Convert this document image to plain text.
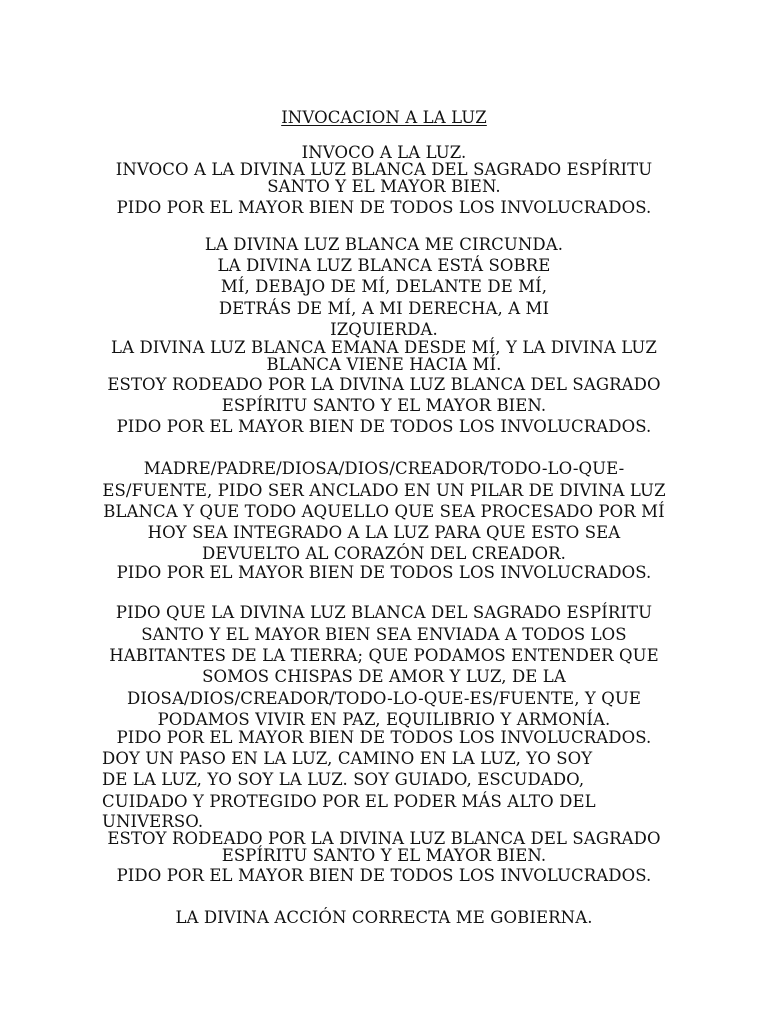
INVOCACION A LA LUZ
INVOCO A LA LUZ.
INVOCO A LA DIVINA LUZ BLANCA DEL SAGRADO ESPÍRITU
SANTO Y EL MAYOR BIEN.
PIDO POR EL MAYOR BIEN DE TODOS LOS INVOLUCRADOS.
LA DIVINA LUZ BLANCA ME CIRCUNDA.
LA DIVINA LUZ BLANCA ESTÁ SOBRE
MÍ, DEBAJO DE MÍ, DELANTE DE MÍ,
DETRÁS DE MÍ, A MI DERECHA, A MI
IZQUIERDA.
LA DIVINA LUZ BLANCA EMANA DESDE MÍ, Y LA DIVINA LUZ
BLANCA VIENE HACIA MÍ.
ESTOY RODEADO POR LA DIVINA LUZ BLANCA DEL SAGRADO
ESPÍRITU SANTO Y EL MAYOR BIEN.
PIDO POR EL MAYOR BIEN DE TODOS LOS INVOLUCRADOS.
MADRE/PADRE/DIOSA/DIOS/CREADOR/TODO-LO-QUE-
ES/FUENTE, PIDO SER ANCLADO EN UN PILAR DE DIVINA LUZ
BLANCA Y QUE TODO AQUELLO QUE SEA PROCESADO POR MÍ
HOY SEA INTEGRADO A LA LUZ PARA QUE ESTO SEA
DEVUELTO AL CORAZÓN DEL CREADOR.
PIDO POR EL MAYOR BIEN DE TODOS LOS INVOLUCRADOS.
PIDO QUE LA DIVINA LUZ BLANCA DEL SAGRADO ESPÍRITU
SANTO Y EL MAYOR BIEN SEA ENVIADA A TODOS LOS
HABITANTES DE LA TIERRA; QUE PODAMOS ENTENDER QUE
SOMOS CHISPAS DE AMOR Y LUZ, DE LA
DIOSA/DIOS/CREADOR/TODO-LO-QUE-ES/FUENTE, Y QUE
PODAMOS VIVIR EN PAZ, EQUILIBRIO Y ARMONÍA.
PIDO POR EL MAYOR BIEN DE TODOS LOS INVOLUCRADOS.
DOY UN PASO EN LA LUZ, CAMINO EN LA LUZ, YO SOY
DE LA LUZ, YO SOY LA LUZ. SOY GUIADO, ESCUDADO,
CUIDADO Y PROTEGIDO POR EL PODER MÁS ALTO DEL
UNIVERSO.
ESTOY RODEADO POR LA DIVINA LUZ BLANCA DEL SAGRADO
ESPÍRITU SANTO Y EL MAYOR BIEN.
PIDO POR EL MAYOR BIEN DE TODOS LOS INVOLUCRADOS.
LA DIVINA ACCIÓN CORRECTA ME GOBIERNA.
